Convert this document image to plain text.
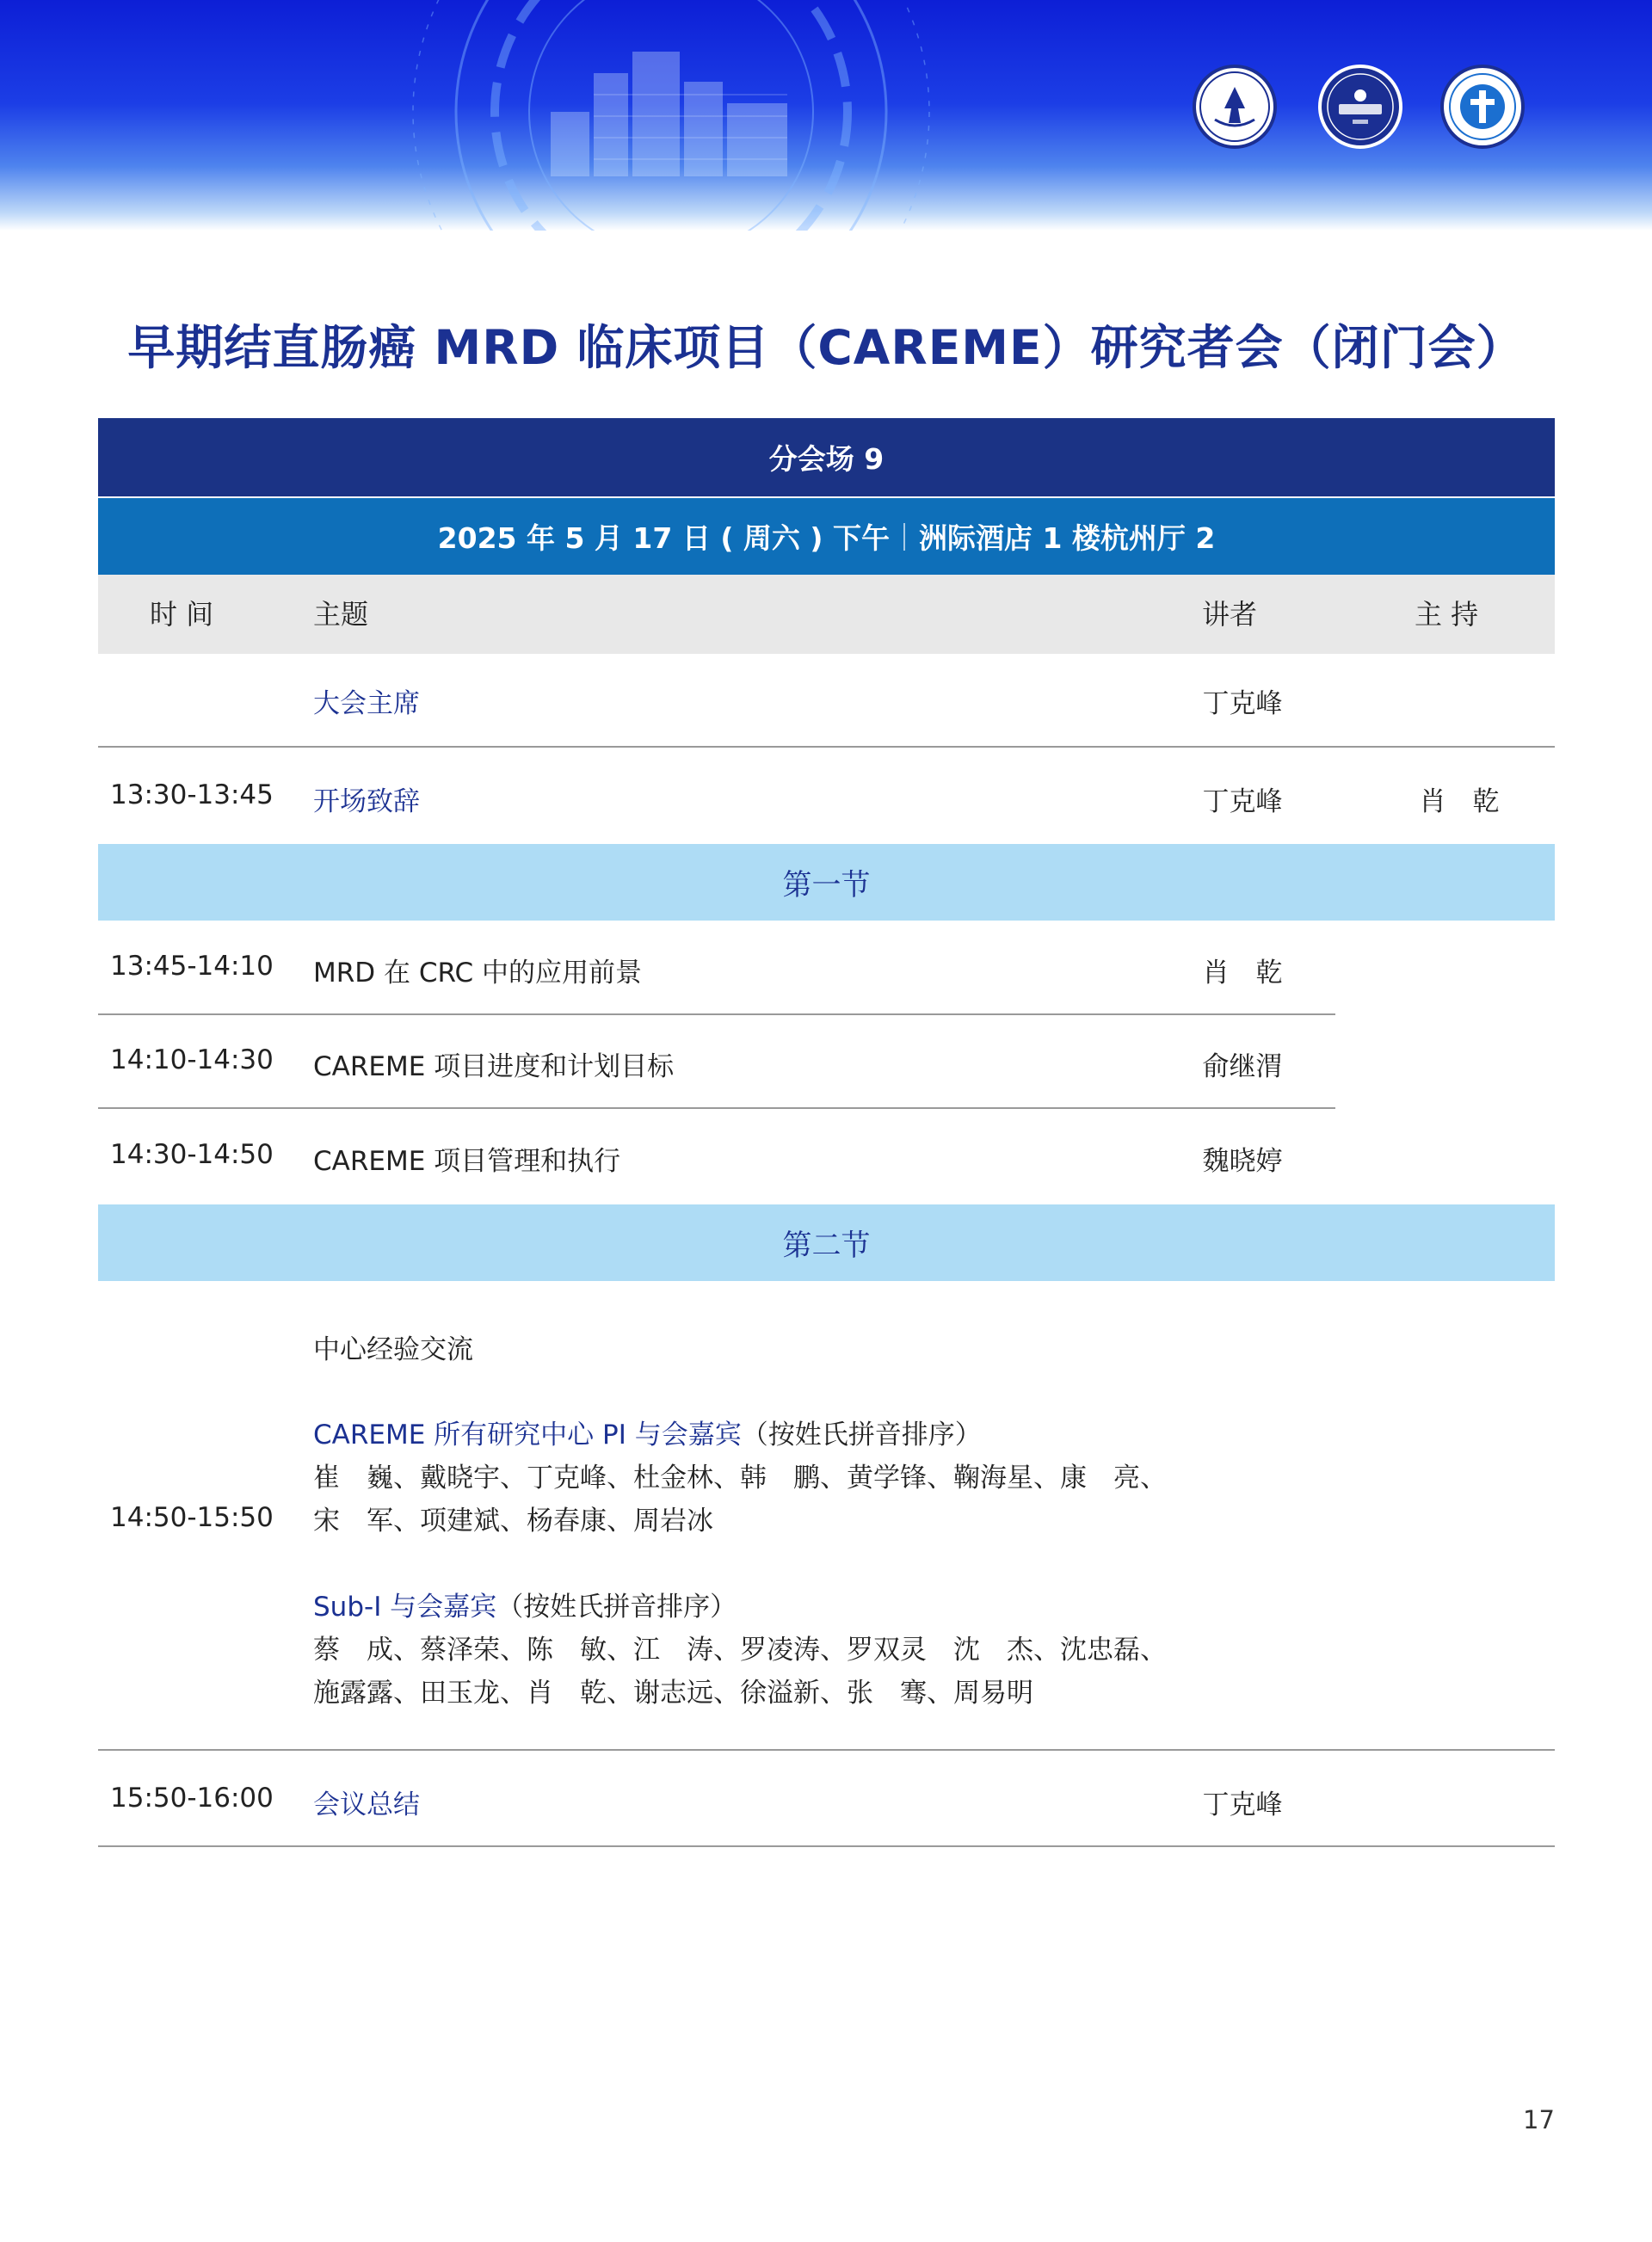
早期结直肠癌 MRD 临床项目（CAREME）研究者会（闭门会）
分会场 9
2025 年 5 月 17 日 ( 周六 ) 下午 洲际酒店 1 楼杭州厅 2
时 间	主题	讲者	主 持
大会主席	丁克峰
13:30-13:45 开场致辞	丁克峰	肖　乾
第一节
13:45-14:10 MRD 在 CRC 中的应用前景	肖　乾
14:10-14:30 CAREME 项目进度和计划目标	俞继渭
14:30-14:50 CAREME 项目管理和执行	魏晓婷
第二节
14:50-15:50
中心经验交流
CAREME 所有研究中心 PI 与会嘉宾（按姓氏拼音排序）
崔　巍、戴晓宇、丁克峰、杜金林、韩　鹏、黄学锋、鞠海星、康　亮、
宋　军、项建斌、杨春康、周岩冰
Sub-I 与会嘉宾（按姓氏拼音排序）
蔡　成、蔡泽荣、陈　敏、江　涛、罗凌涛、罗双灵　沈　杰、沈忠磊、
施露露、田玉龙、肖　乾、谢志远、徐溢新、张　骞、周易明
15:50-16:00 会议总结	丁克峰
17
